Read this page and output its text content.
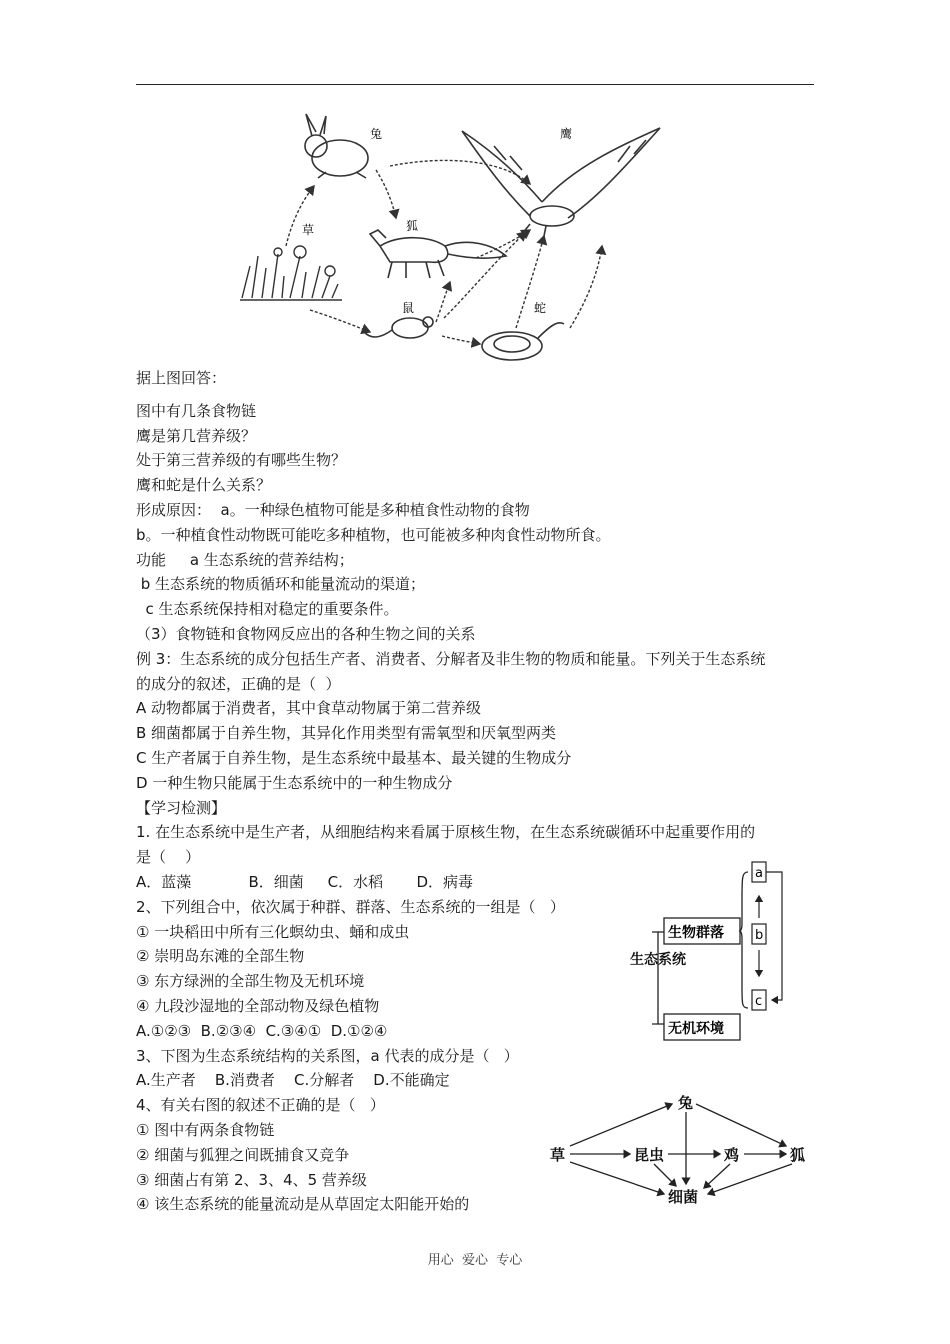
兔	鹰
狐
草
鼠	蛇
据上图回答：
图中有几条食物链
鹰是第几营养级？
处于第三营养级的有哪些生物？
鹰和蛇是什么关系？
形成原因：  a。一种绿色植物可能是多种植食性动物的食物
b。一种植食性动物既可能吃多种植物，也可能被多种肉食性动物所食。
功能     a 生态系统的营养结构；
b 生态系统的物质循环和能量流动的渠道；
c 生态系统保持相对稳定的重要条件。
（3）食物链和食物网反应出的各种生物之间的关系
例 3：生态系统的成分包括生产者、消费者、分解者及非生物的物质和能量。下列关于生态系统
的成分的叙述，正确的是（  ）
A 动物都属于消费者，其中食草动物属于第二营养级
B 细菌都属于自养生物，其异化作用类型有需氧型和厌氧型两类
C 生产者属于自养生物，是生态系统中最基本、最关键的生物成分
D 一种生物只能属于生态系统中的一种生物成分
【学习检测】
1. 在生态系统中是生产者，从细胞结构来看属于原核生物，在生态系统碳循环中起重要作用的
是（    ）
A．蓝藻            B．细菌     C．水稻       D．病毒
2、下列组合中，依次属于种群、群落、生态系统的一组是（   ）
① 一块稻田中所有三化螟幼虫、蛹和成虫
② 崇明岛东滩的全部生物
③ 东方绿洲的全部生物及无机环境
④ 九段沙湿地的全部动物及绿色植物
A.①②③  B.②③④  C.③④①  D.①②④
3、下图为生态系统结构的关系图，a 代表的成分是（   ）
A.生产者    B.消费者    C.分解者    D.不能确定
4、有关右图的叙述不正确的是（   ）
① 图中有两条食物链
② 细菌与狐狸之间既捕食又竞争
③ 细菌占有第 2、3、4、5 营养级
④ 该生态系统的能量流动是从草固定太阳能开始的
生态系统
生物群落
无机环境
a
b
c
兔
草	昆虫	鸡	狐
细菌
用心  爱心  专心
